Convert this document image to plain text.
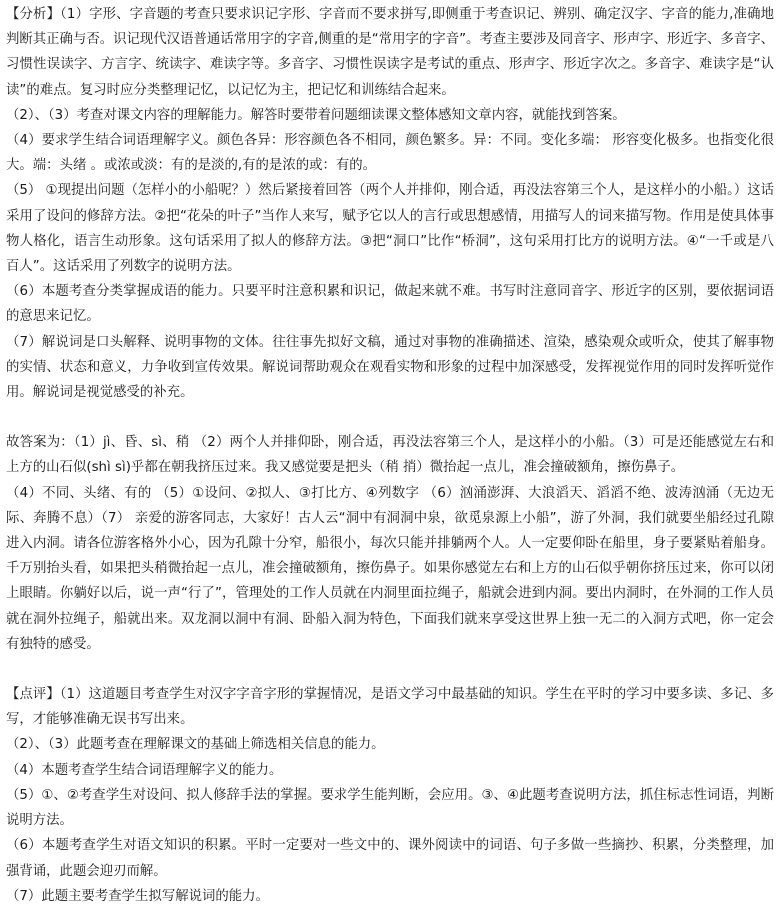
【分析】（1）字形、字音题的考查只要求识记字形、字音而不要求拼写,即侧重于考查识记、辨别、确定汉字、字音的能力,准确地判断其正确与否。识记现代汉语普通话常用字的字音,侧重的是“常用字的字音”。考查主要涉及同音字、形声字、形近字、多音字、习惯性误读字、方言字、统读字、难读字等。多音字、习惯性误读字是考试的重点、形声字、形近字次之。多音字、难读字是“认读”的难点。复习时应分类整理记忆，以记忆为主，把记忆和训练结合起来。

（2）、（3）考查对课文内容的理解能力。解答时要带着问题细读课文整体感知文章内容，就能找到答案。

（4）要求学生结合词语理解字义。颜色各异：形容颜色各不相同，颜色繁多。异：不同。变化多端： 形容变化极多。也指变化很大。端：头绪 。或浓或淡：有的是淡的,有的是浓的或：有的。

（5） ①现提出问题（怎样小的小船呢？）然后紧接着回答（两个人并排仰，刚合适，再没法容第三个人，是这样小的小船。）这话采用了设问的修辞方法。②把“花朵的叶子”当作人来写，赋予它以人的言行或思想感情，用描写人的词来描写物。作用是使具体事物人格化，语言生动形象。这句话采用了拟人的修辞方法。③把“洞口”比作“桥洞”，这句采用打比方的说明方法。④“一千或是八百人”。这话采用了列数字的说明方法。

（6）本题考查分类掌握成语的能力。只要平时注意积累和识记，做起来就不难。书写时注意同音字、形近字的区别，要依据词语的意思来记忆。

（7）解说词是口头解释、说明事物的文体。往往事先拟好文稿，通过对事物的准确描述、渲染，感染观众或听众，使其了解事物的实情、状态和意义，力争收到宣传效果。解说词帮助观众在观看实物和形象的过程中加深感受，发挥视觉作用的同时发挥听觉作用。解说词是视觉感受的补充。

故答案为：（1）jì、昏、sì、稍 （2）两个人并排仰卧，刚合适，再没法容第三个人，是这样小的小船。（3）可是还能感觉左右和上方的山石似(shì sì)乎都在朝我挤压过来。我又感觉要是把头（稍 捎）微抬起一点儿，准会撞破额角，擦伤鼻子。

（4）不同、头绪、有的 （5）①设问、②拟人、③打比方、④列数字 （6）汹涌澎湃、大浪滔天、滔滔不绝、波涛汹涌（无边无际、奔腾不息）（7） 亲爱的游客同志，大家好！古人云“洞中有洞洞中泉，欲觅泉源上小船”，游了外洞，我们就要坐船经过孔隙进入内洞。请各位游客格外小心，因为孔隙十分窄，船很小，每次只能并排躺两个人。人一定要仰卧在船里，身子要紧贴着船身。千万别抬头看，如果把头稍微抬起一点儿，准会撞破额角，擦伤鼻子。如果你感觉左右和上方的山石似乎朝你挤压过来，你可以闭上眼睛。你躺好以后，说一声“行了”，管理处的工作人员就在内洞里面拉绳子，船就会进到内洞。要出内洞时，在外洞的工作人员就在洞外拉绳子，船就出来。双龙洞以洞中有洞、卧船入洞为特色，下面我们就来享受这世界上独一无二的入洞方式吧，你一定会有独特的感受。

【点评】（1）这道题目考查学生对汉字字音字形的掌握情况，是语文学习中最基础的知识。学生在平时的学习中要多读、多记、多写，才能够准确无误书写出来。

（2）、（3）此题考查在理解课文的基础上筛选相关信息的能力。

（4）本题考查学生结合词语理解字义的能力。

（5）①、②考查学生对设问、拟人修辞手法的掌握。要求学生能判断，会应用。③、④此题考查说明方法，抓住标志性词语，判断说明方法。

（6）本题考查学生对语文知识的积累。平时一定要对一些文中的、课外阅读中的词语、句子多做一些摘抄、积累，分类整理，加强背诵，此题会迎刃而解。

（7）此题主要考查学生拟写解说词的能力。
